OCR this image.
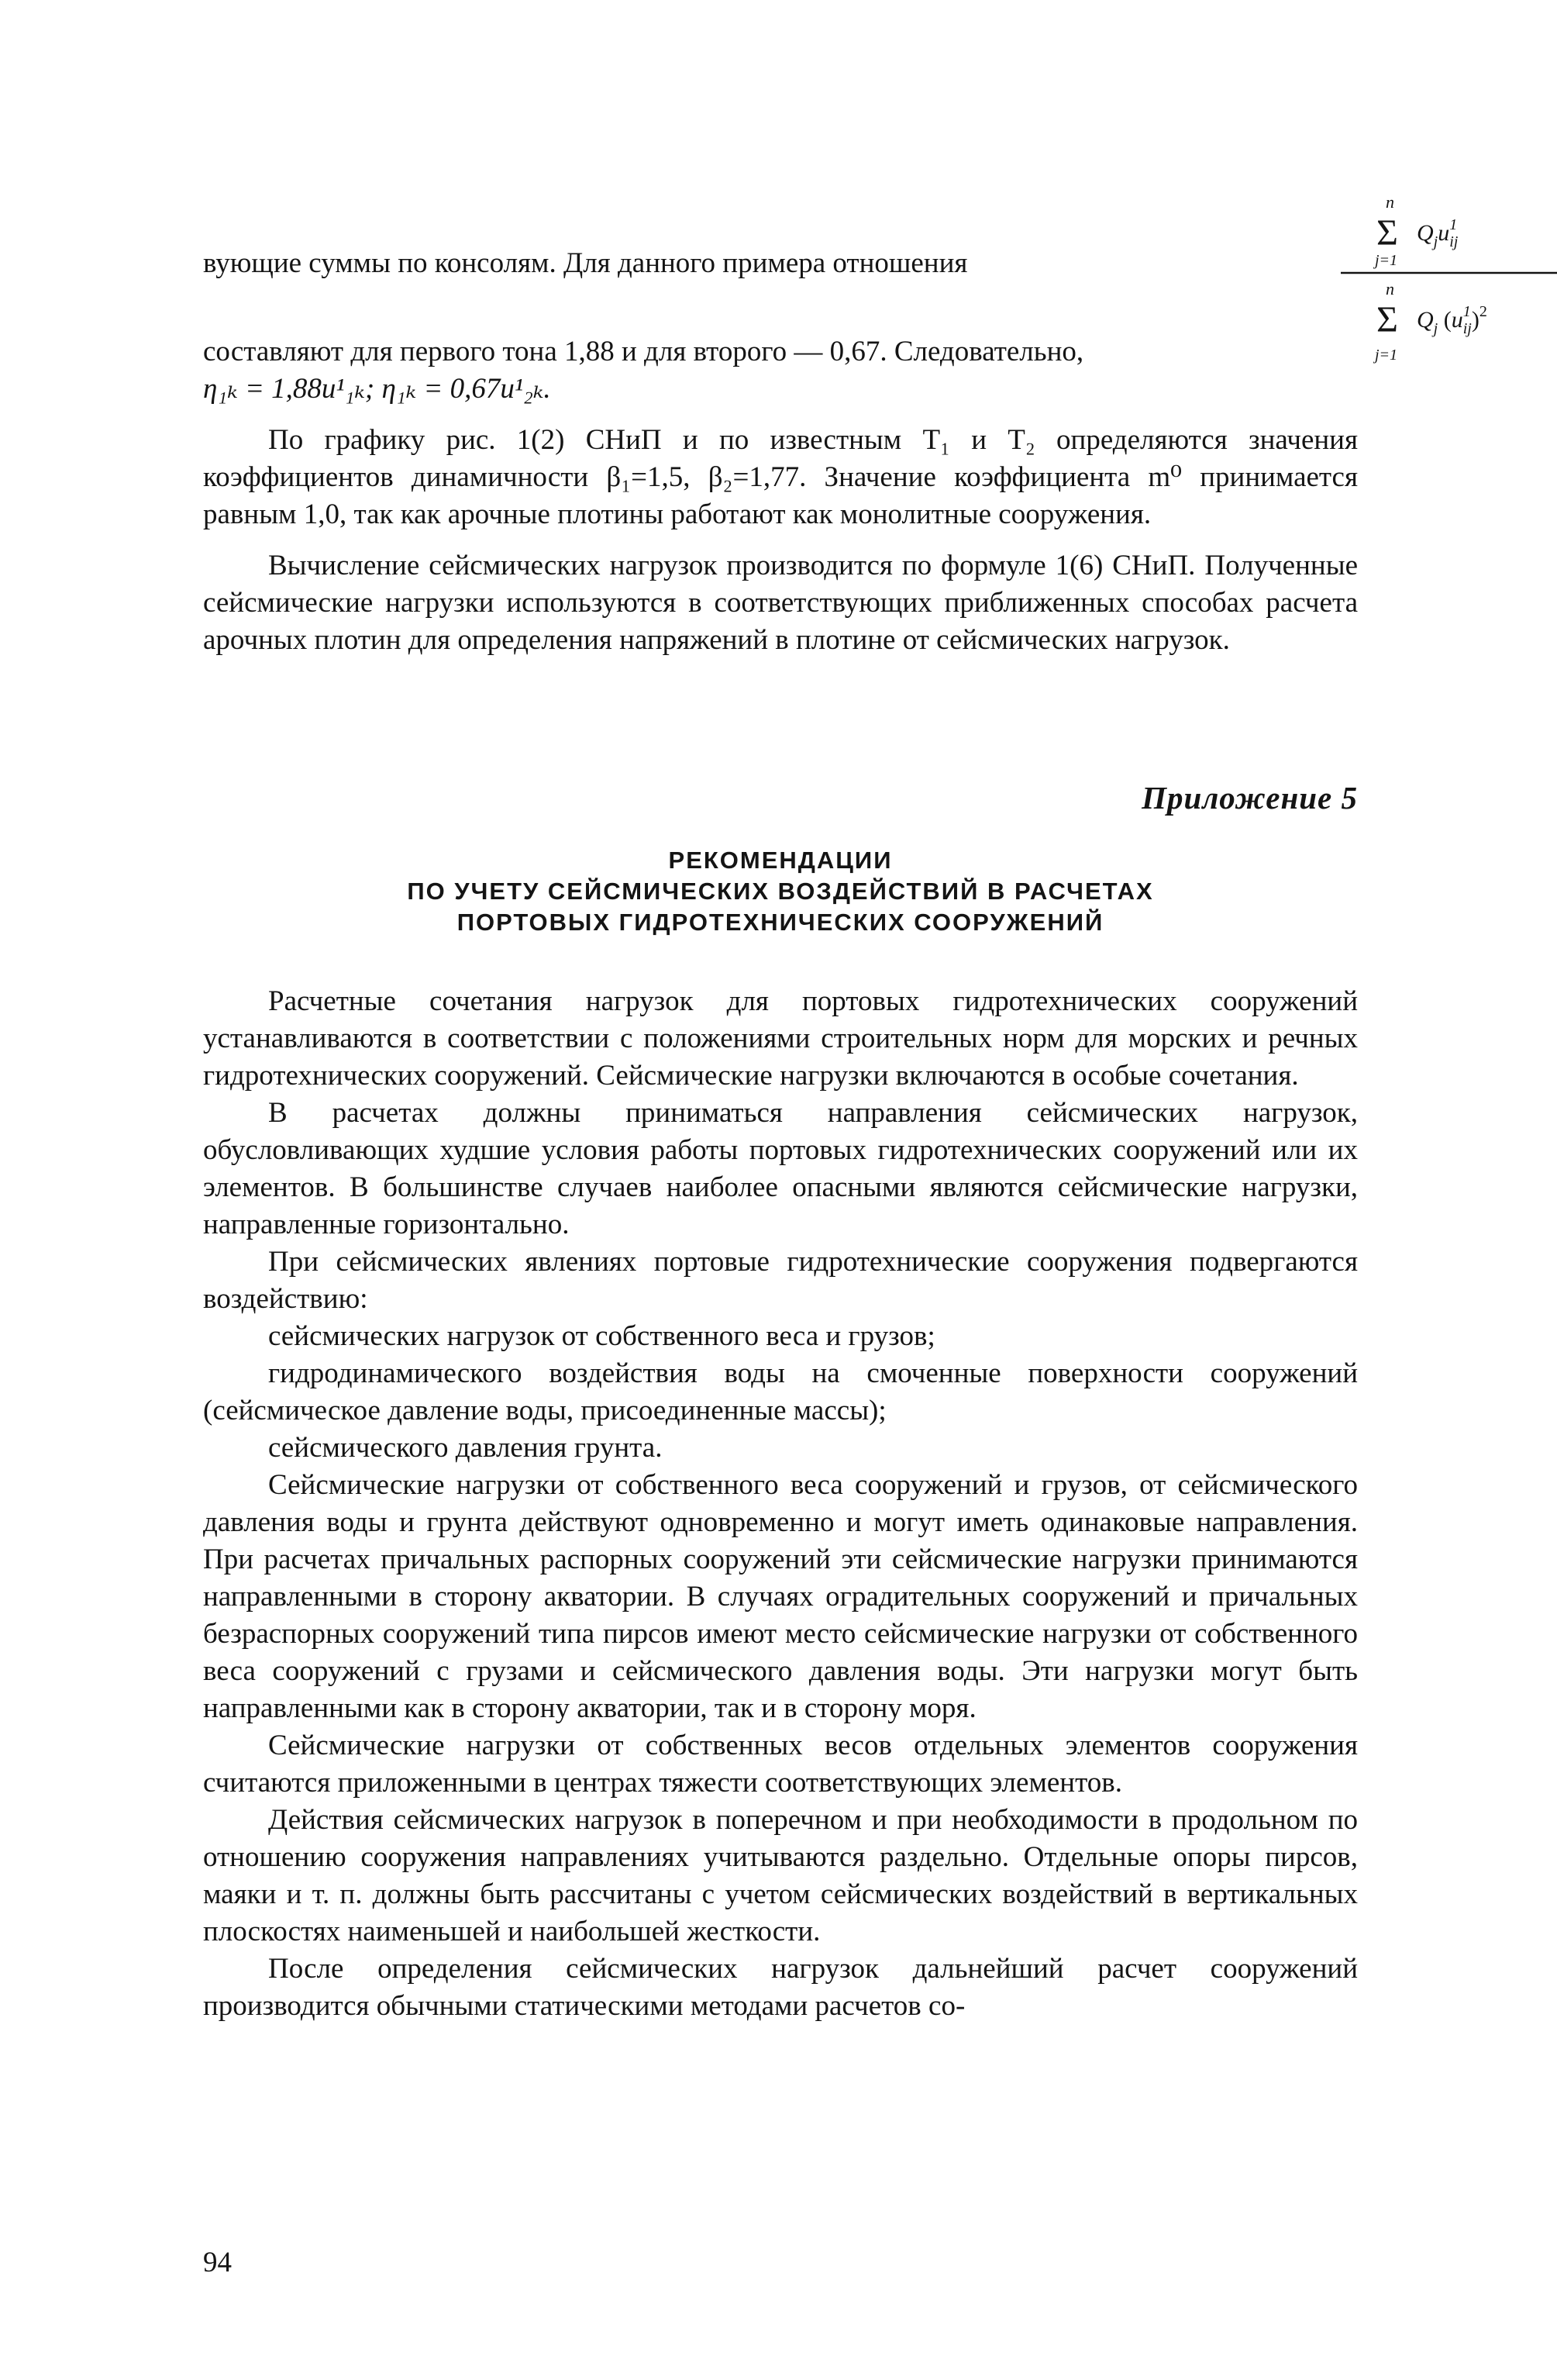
вующие суммы по консолям. Для данного примера отношения
n
Σ $Q_ju^1$ ij
j=1
n
Σ $Q_j$ ($u^1$ ij)$^2$
j=1
составляют для первого тона 1,88 и для второго — 0,67. Следовательно,
η₁ₖ = 1,88u¹₁ₖ; η₁ₖ = 0,67u¹₂ₖ.

По графику рис. 1(2) СНиП и по известным T₁ и T₂ определяются значения коэффициентов динамичности β₁=1,5, β₂=1,77. Значение коэффициента m⁰ принимается равным 1,0, так как арочные плотины работают как монолитные сооружения.

Вычисление сейсмических нагрузок производится по формуле 1(6) СНиП. Полученные сейсмические нагрузки используются в соответствующих приближенных способах расчета арочных плотин для определения напряжений в плотине от сейсмических нагрузок.

Приложение 5
РЕКОМЕНДАЦИИ
ПО УЧЕТУ СЕЙСМИЧЕСКИХ ВОЗДЕЙСТВИЙ В РАСЧЕТАХ
ПОРТОВЫХ ГИДРОТЕХНИЧЕСКИХ СООРУЖЕНИЙ

Расчетные сочетания нагрузок для портовых гидротехнических сооружений устанавливаются в соответствии с положениями строительных норм для морских и речных гидротехнических сооружений. Сейсмические нагрузки включаются в особые сочетания.

В расчетах должны приниматься направления сейсмических нагрузок, обусловливающих худшие условия работы портовых гидротехнических сооружений или их элементов. В большинстве случаев наиболее опасными являются сейсмические нагрузки, направленные горизонтально.

При сейсмических явлениях портовые гидротехнические сооружения подвергаются воздействию:

сейсмических нагрузок от собственного веса и грузов;

гидродинамического воздействия воды на смоченные поверхности сооружений (сейсмическое давление воды, присоединенные массы);

сейсмического давления грунта.

Сейсмические нагрузки от собственного веса сооружений и грузов, от сейсмического давления воды и грунта действуют одновременно и могут иметь одинаковые направления. При расчетах причальных распорных сооружений эти сейсмические нагрузки принимаются направленными в сторону акватории. В случаях оградительных сооружений и причальных безраспорных сооружений типа пирсов имеют место сейсмические нагрузки от собственного веса сооружений с грузами и сейсмического давления воды. Эти нагрузки могут быть направленными как в сторону акватории, так и в сторону моря.

Сейсмические нагрузки от собственных весов отдельных элементов сооружения считаются приложенными в центрах тяжести соответствующих элементов.

Действия сейсмических нагрузок в поперечном и при необходимости в продольном по отношению сооружения направлениях учитываются раздельно. Отдельные опоры пирсов, маяки и т. п. должны быть рассчитаны с учетом сейсмических воздействий в вертикальных плоскостях наименьшей и наибольшей жесткости.

После определения сейсмических нагрузок дальнейший расчет сооружений производится обычными статическими методами расчетов со-

94
